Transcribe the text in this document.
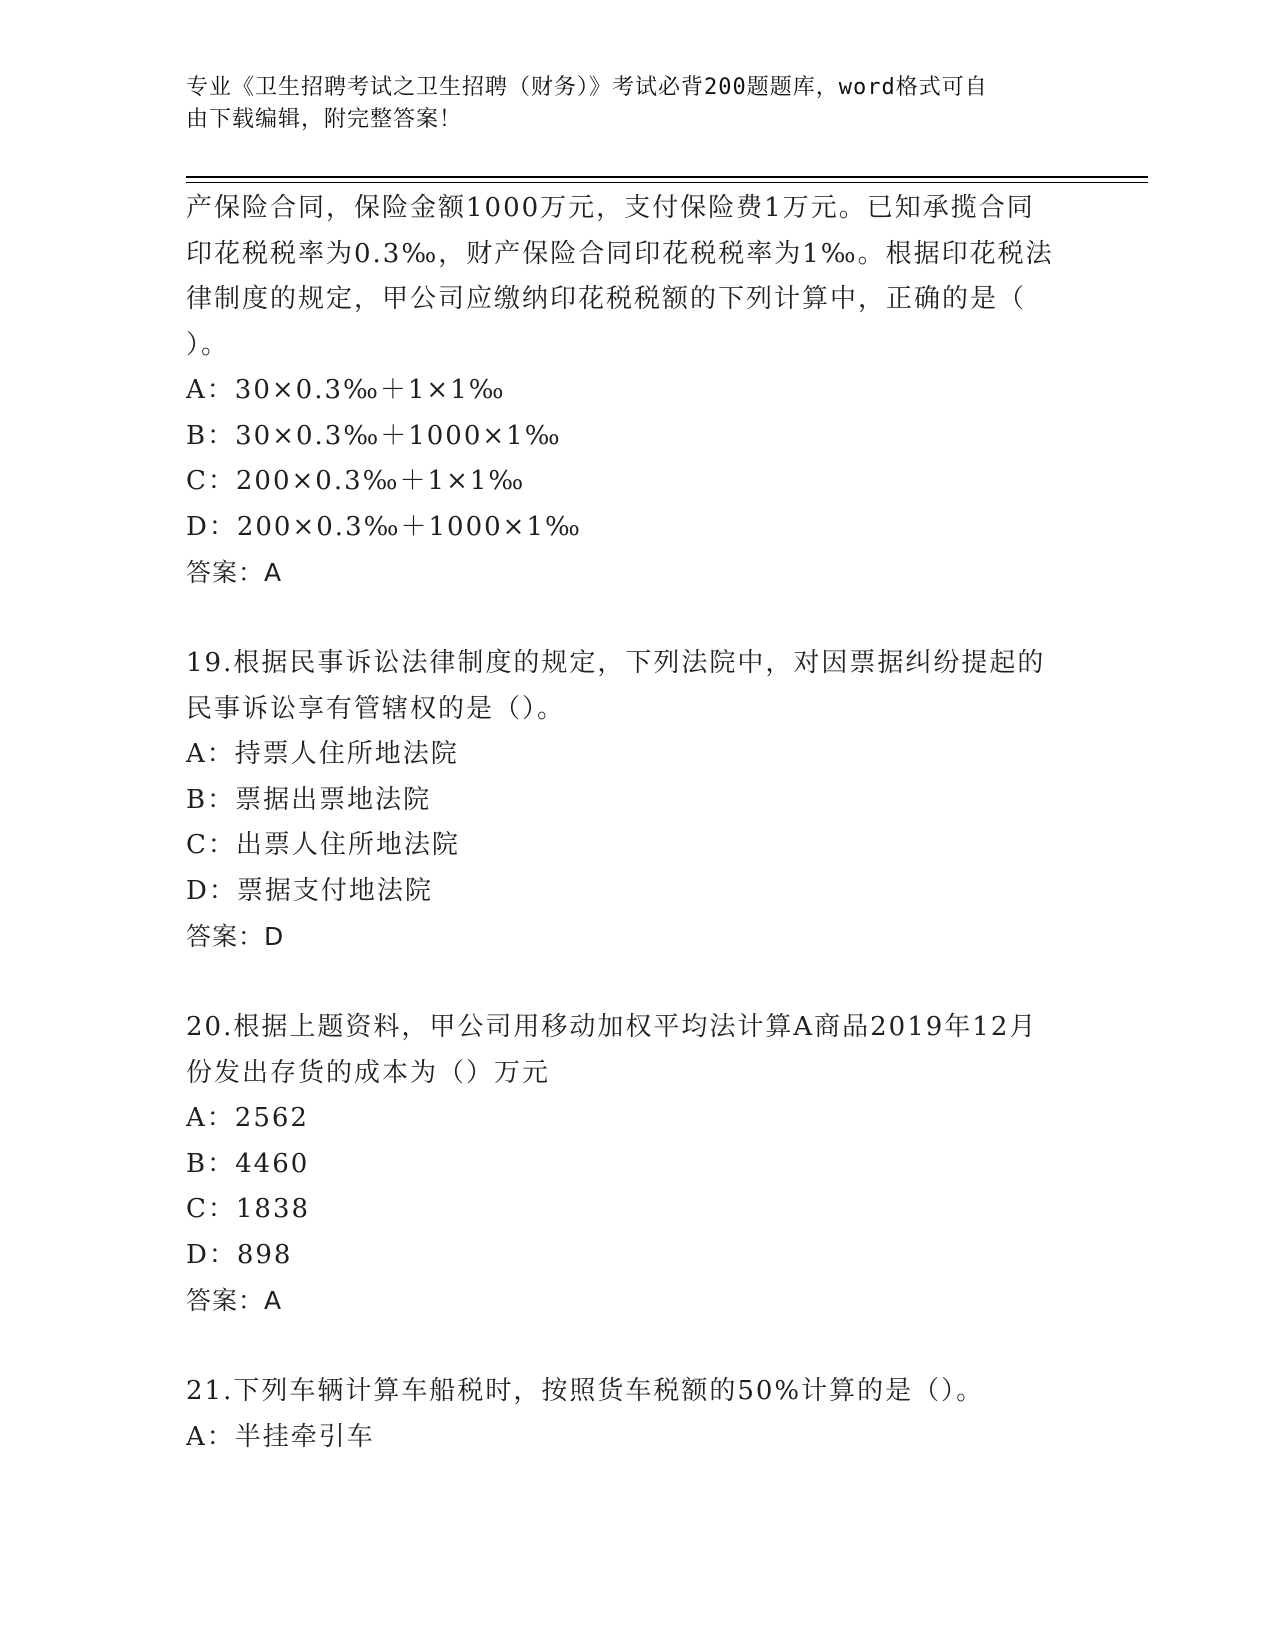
专业《卫生招聘考试之卫生招聘（财务）》考试必背200题题库，word格式可自
由下载编辑，附完整答案！
产保险合同，保险金额1000万元，支付保险费1万元。已知承揽合同
印花税税率为0.3‰，财产保险合同印花税税率为1‰。根据印花税法
律制度的规定，甲公司应缴纳印花税税额的下列计算中，正确的是（
）。
A：30×0.3‰＋1×1‰
B：30×0.3‰＋1000×1‰
C：200×0.3‰＋1×1‰
D：200×0.3‰＋1000×1‰
答案：A
19.根据民事诉讼法律制度的规定，下列法院中，对因票据纠纷提起的
民事诉讼享有管辖权的是（）。
A：持票人住所地法院
B：票据出票地法院
C：出票人住所地法院
D：票据支付地法院
答案：D
20.根据上题资料，甲公司用移动加权平均法计算A商品2019年12月
份发出存货的成本为（）万元
A：2562
B：4460
C：1838
D：898
答案：A
21.下列车辆计算车船税时，按照货车税额的50%计算的是（）。
A：半挂牵引车
